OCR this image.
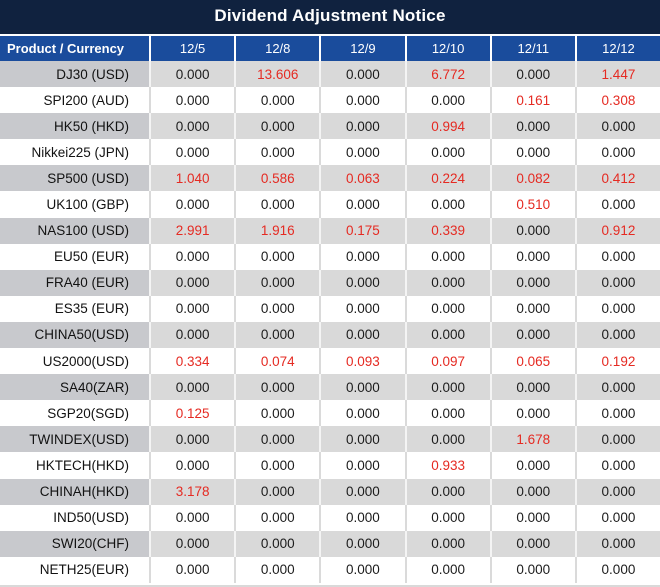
Dividend Adjustment Notice
Product / Currency	12/5	12/8	12/9	12/10	12/11	12/12
DJ30 (USD)	0.000	13.606	0.000	6.772	0.000	1.447
SPI200 (AUD)	0.000	0.000	0.000	0.000	0.161	0.308
HK50 (HKD)	0.000	0.000	0.000	0.994	0.000	0.000
Nikkei225 (JPN)	0.000	0.000	0.000	0.000	0.000	0.000
SP500 (USD)	1.040	0.586	0.063	0.224	0.082	0.412
UK100 (GBP)	0.000	0.000	0.000	0.000	0.510	0.000
NAS100 (USD)	2.991	1.916	0.175	0.339	0.000	0.912
EU50 (EUR)	0.000	0.000	0.000	0.000	0.000	0.000
FRA40 (EUR)	0.000	0.000	0.000	0.000	0.000	0.000
ES35 (EUR)	0.000	0.000	0.000	0.000	0.000	0.000
CHINA50(USD)	0.000	0.000	0.000	0.000	0.000	0.000
US2000(USD)	0.334	0.074	0.093	0.097	0.065	0.192
SA40(ZAR)	0.000	0.000	0.000	0.000	0.000	0.000
SGP20(SGD)	0.125	0.000	0.000	0.000	0.000	0.000
TWINDEX(USD)	0.000	0.000	0.000	0.000	1.678	0.000
HKTECH(HKD)	0.000	0.000	0.000	0.933	0.000	0.000
CHINAH(HKD)	3.178	0.000	0.000	0.000	0.000	0.000
IND50(USD)	0.000	0.000	0.000	0.000	0.000	0.000
SWI20(CHF)	0.000	0.000	0.000	0.000	0.000	0.000
NETH25(EUR)	0.000	0.000	0.000	0.000	0.000	0.000
